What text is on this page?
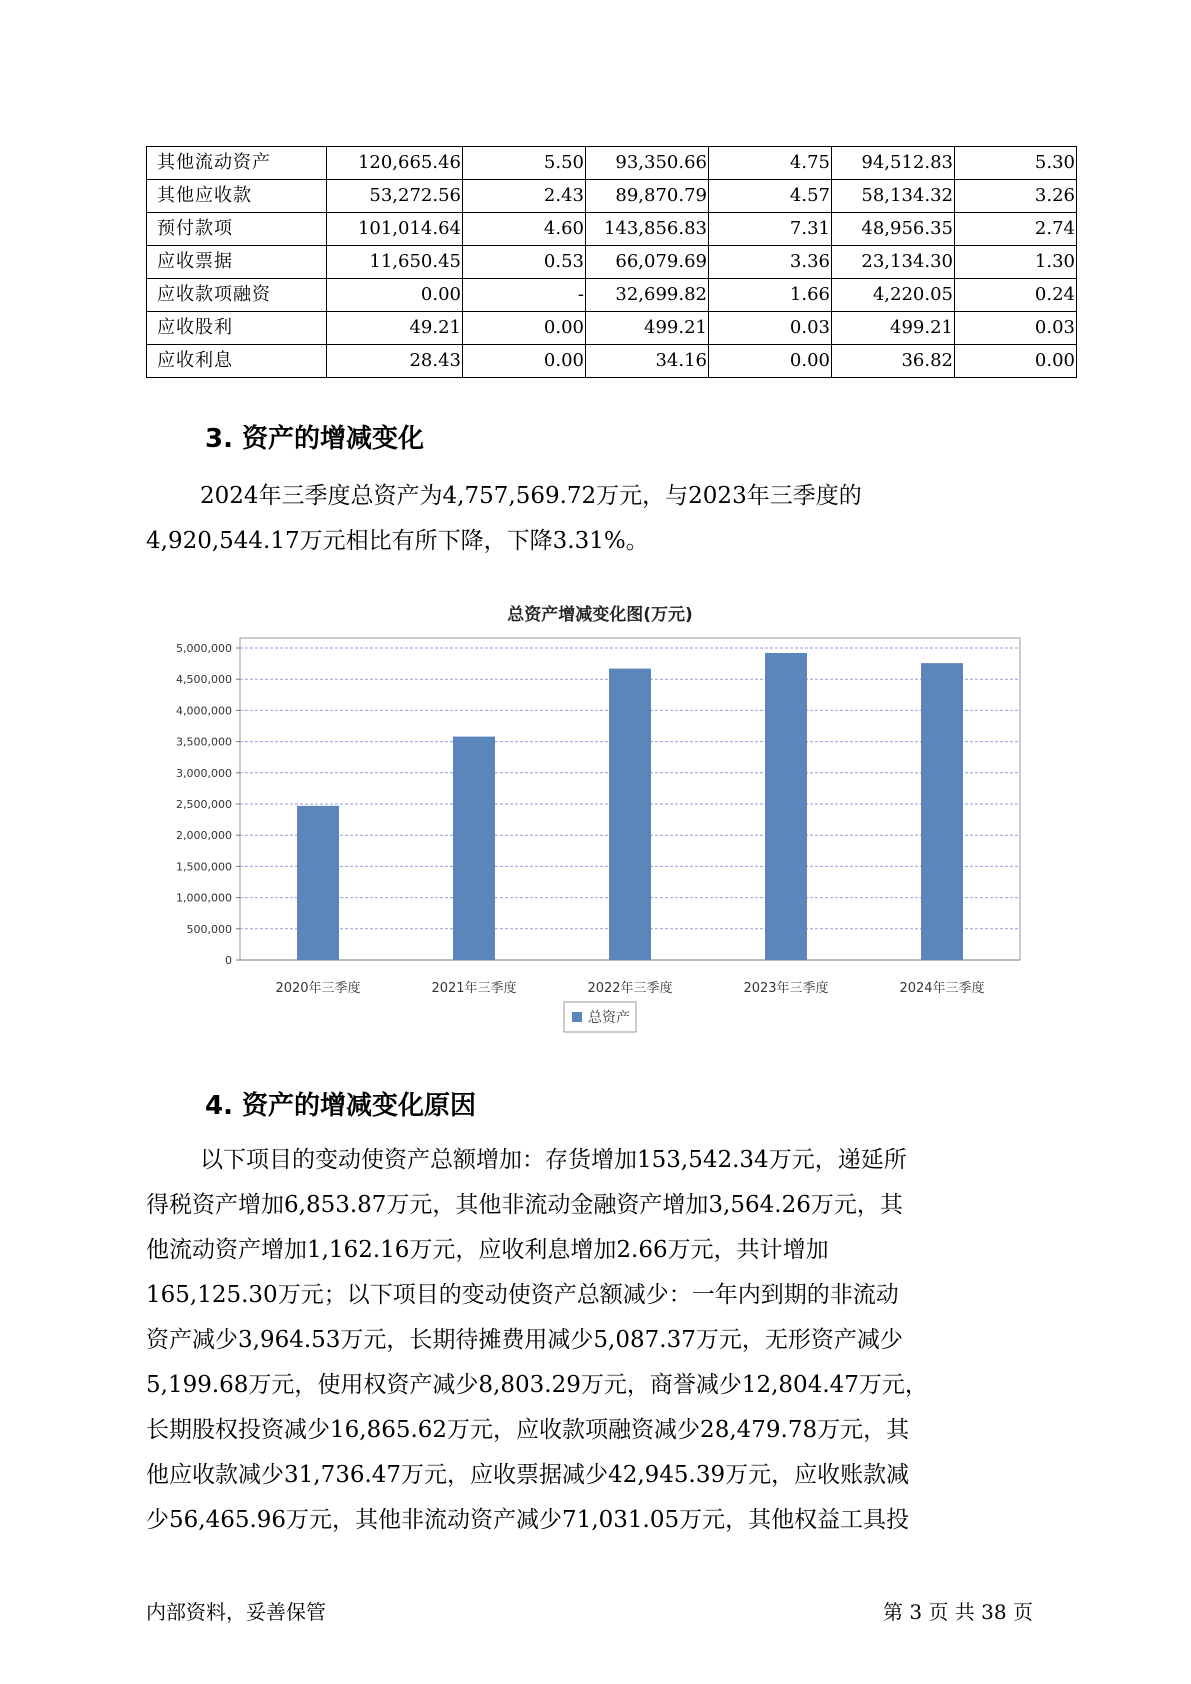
其他流动资产	120,665.46	5.50	93,350.66	4.75	94,512.83	5.30
其他应收款	53,272.56	2.43	89,870.79	4.57	58,134.32	3.26
预付款项	101,014.64	4.60	143,856.83	7.31	48,956.35	2.74
应收票据	11,650.45	0.53	66,079.69	3.36	23,134.30	1.30
应收款项融资	0.00	-	32,699.82	1.66	4,220.05	0.24
应收股利	49.21	0.00	499.21	0.03	499.21	0.03
应收利息	28.43	0.00	34.16	0.00	36.82	0.00
3. 资产的增减变化

2024年三季度总资产为4,757,569.72万元，与2023年三季度的
4,920,544.17万元相比有所下降，下降3.31%。

总资产增减变化图(万元)
5,000,000
4,500,000
4,000,000
3,500,000
3,000,000
2,500,000
2,000,000
1,500,000
1,000,000
500,000
0
2020年三季度	2021年三季度	2022年三季度	2023年三季度	2024年三季度
总资产
4. 资产的增减变化原因

以下项目的变动使资产总额增加：存货增加153,542.34万元，递延所
得税资产增加6,853.87万元，其他非流动金融资产增加3,564.26万元，其
他流动资产增加1,162.16万元，应收利息增加2.66万元，共计增加
165,125.30万元；以下项目的变动使资产总额减少：一年内到期的非流动
资产减少3,964.53万元，长期待摊费用减少5,087.37万元，无形资产减少
5,199.68万元，使用权资产减少8,803.29万元，商誉减少12,804.47万元，
长期股权投资减少16,865.62万元，应收款项融资减少28,479.78万元，其
他应收款减少31,736.47万元，应收票据减少42,945.39万元，应收账款减
少56,465.96万元，其他非流动资产减少71,031.05万元，其他权益工具投

内部资料，妥善保管	第 3 页 共 38 页
